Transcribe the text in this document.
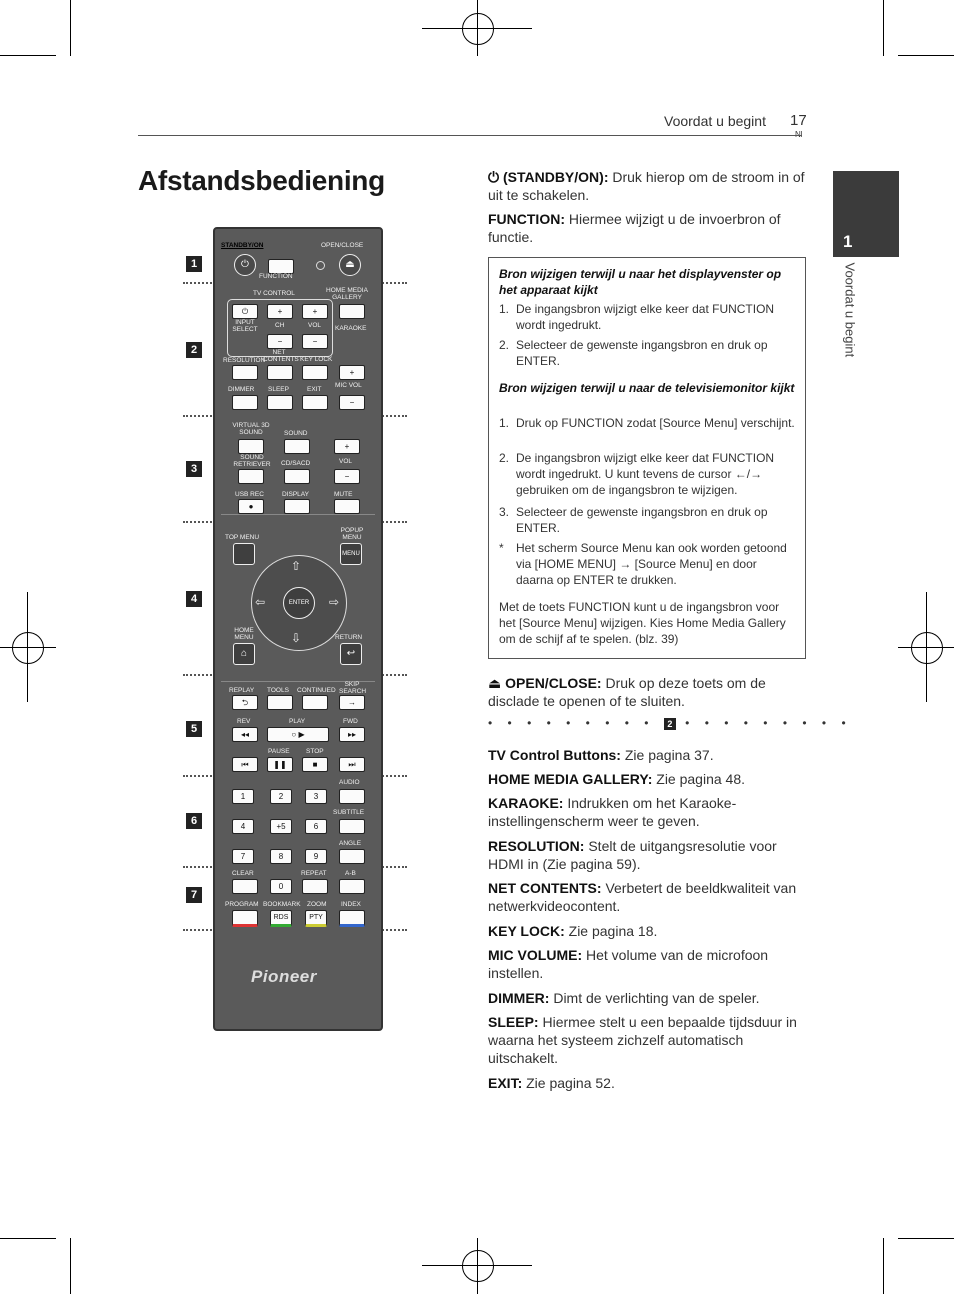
Voordat u begint 17
1
Voordat u begint
Afstandsbediening
1
2
3
4
5
6
7
STANDBY/ON	OPEN/CLOSE
⏻
FUNCTION
⏏
TV CONTROL	HOME MEDIA GALLERY
⏻	+	+
INPUT SELECT
CH	VOL
−	−
KARAOKE
RESOLUTION
NET CONTENTS KEY LOCK
+
DIMMER SLEEP	EXIT
MIC VOL
−
VIRTUAL 3D SOUND	SOUND
+
SOUND RETRIEVER	CD/SACD	VOL
−
USB REC	DISPLAY	MUTE
●
TOP MENU
POPUP MENU
MENU
⇧
⇩
⇦	⇨
ENTER
HOME MENU	RETURN
⌂	↩
REPLAY TOOLS CONTINUED
SKIP SEARCH
⮌	→
REV	PLAY	FWD
◂◂	○ ▶	▸▸
PAUSE	STOP
⏮	❚❚	■	⏭
AUDIO
1	2	3
SUBTITLE
4	+5	6
ANGLE
7	8	9
CLEAR	REPEAT	A-B
0
PROGRAM BOOKMARK ZOOM INDEX
RDS	PTY
Pioneer
⏻ (STANDBY/ON): Druk hierop om de stroom in of uit te schakelen.
FUNCTION: Hiermee wijzigt u de invoerbron of functie.
Bron wijzigen terwijl u naar het displayvenster op het apparaat kijkt
1. De ingangsbron wijzigt elke keer dat FUNCTION wordt ingedrukt.
2. Selecteer de gewenste ingangsbron en druk op ENTER.
Bron wijzigen terwijl u naar de televisiemonitor kijkt
1. Druk op FUNCTION zodat [Source Menu] verschijnt.
2. De ingangsbron wijzigt elke keer dat FUNCTION wordt ingedrukt. U kunt tevens de cursor ←/→ gebruiken om de ingangsbron te wijzigen.
3. Selecteer de gewenste ingangsbron en druk op ENTER.
* Het scherm Source Menu kan ook worden getoond via [HOME MENU] → [Source Menu] en door daarna op ENTER te drukken.
Met de toets FUNCTION kunt u de ingangsbron voor het [Source Menu] wijzigen. Kies Home Media Gallery om de schijf af te spelen. (blz. 39)
⏏ OPEN/CLOSE: Druk op deze toets om de disclade te openen of te sluiten.
• • • • • • • • • 2 • • • • • • • • •
TV Control Buttons: Zie pagina 37.
HOME MEDIA GALLERY: Zie pagina 48.
KARAOKE: Indrukken om het Karaokeinstellingenscherm weer te geven.
RESOLUTION: Stelt de uitgangsresolutie voor HDMI in (Zie pagina 59).
NET CONTENTS: Verbetert de beeldkwaliteit van netwerkvideocontent.
KEY LOCK: Zie pagina 18.
MIC VOLUME: Het volume van de microfoon instellen.
DIMMER: Dimt de verlichting van de speler.
SLEEP: Hiermee stelt u een bepaalde tijdsduur in waarna het systeem zichzelf automatisch uitschakelt.
EXIT: Zie pagina 52.
